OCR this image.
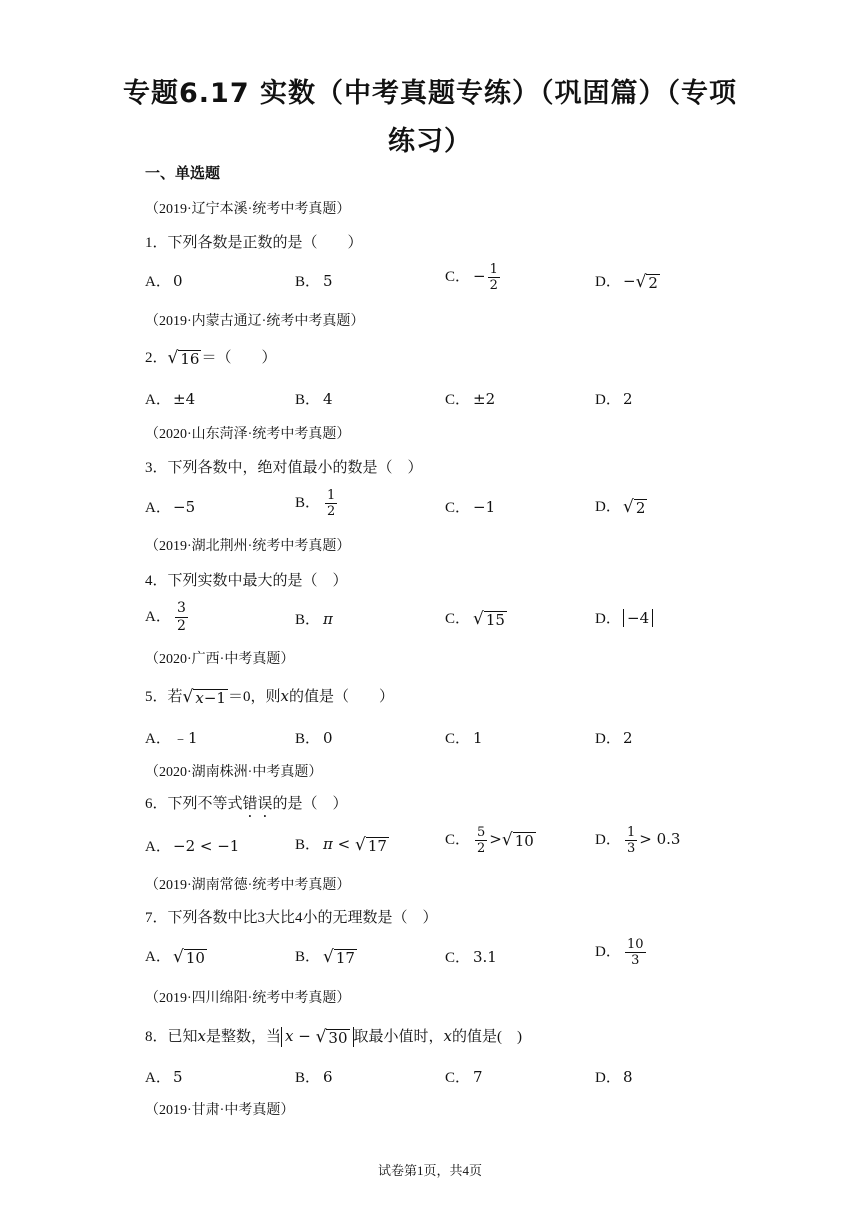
专题6.17 实数（中考真题专练）（巩固篇）（专项
练习）
一、单选题
（2019·辽宁本溪·统考中考真题）
1．下列各数是正数的是（　　）
A． 0	B． 5	C． − $\frac{1}{2}$	D． − √ 2
（2019·内蒙古通辽·统考中考真题）
2． √ 16 ＝（　　）
A． ±4	B． 4	C． ±2	D． 2
（2020·山东菏泽·统考中考真题）
3．下列各数中，绝对值最小的数是（　）
A． −5	B． $\frac{1}{2}$	C． −1	D． √ 2
（2019·湖北荆州·统考中考真题）
4．下列实数中最大的是（　）
A． $\frac{3}{2}$	B． π	C． √ 15	D． −4
（2020·广西·中考真题）
5．若 √ x−1 ＝0，则x的值是（　　）
A． ﹣1	B． 0	C． 1	D． 2
（2020·湖南株洲·中考真题）
6．下列不等式错误的是（　）
A． −2 < −1	B． π < √ 17	C． $\frac{5}{2}$ > √ 10	D． $\frac{1}{3} > 0.3$
（2019·湖南常德·统考中考真题）
7．下列各数中比3大比4小的无理数是（　）
A． √ 10	B． √ 17	C． 3.1	D． $\frac{10}{3}$
（2019·四川绵阳·统考中考真题）
8．已知x是整数，当 x − √ 30 取最小值时，x的值是(　)
A． 5	B． 6	C． 7	D． 8
（2019·甘肃·中考真题）
试卷第1页，共4页
